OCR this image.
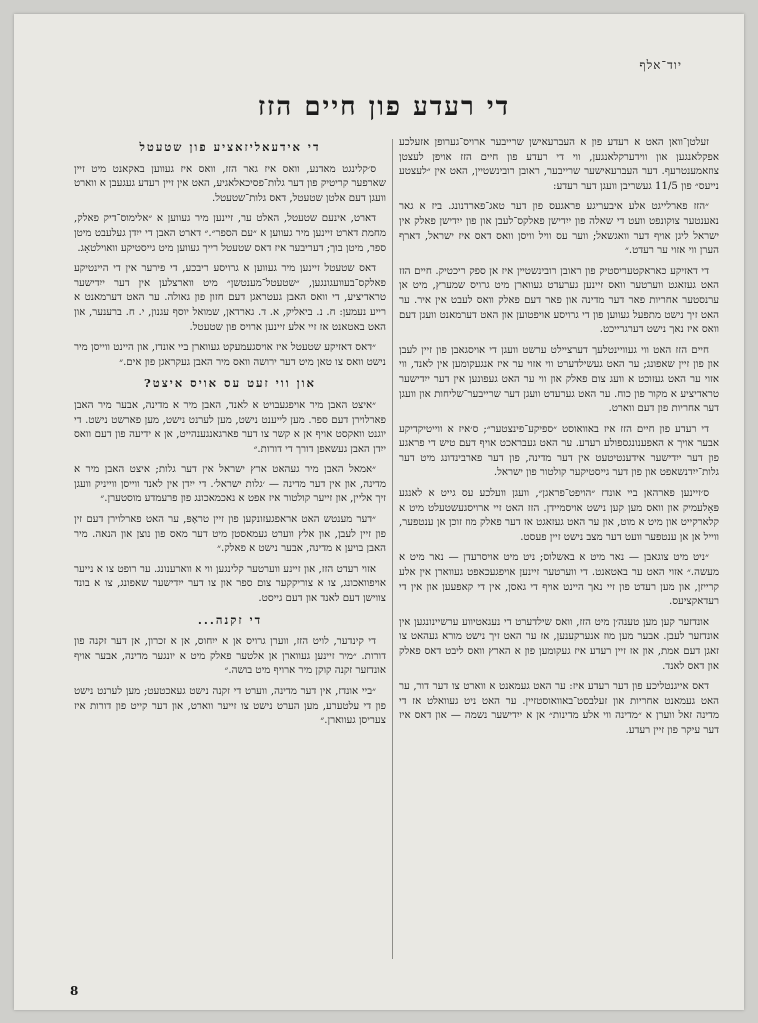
יוד־אלף
די רעדע פון חיים הזז

זעלטן־וואן האט א רעדע פון א העברעאישן שרייבער ארויס־גערופן אזעלכע אפקלאנגען און ווידערקלאנגען, ווי די רעדע פון חיים הזז אויפן לעצטן צוזאמענטרעף. דער העברעאישער שרייבער, ראובן רובינשטיין, האט אין ״לעצטע נייעס״ פון 11/5 געשריבן וועגן דער רעדע:

״הזז פארלייגט אלע איבעריגע פראגעס פון דער טאג־פארדנונג. ביז א גאר נאענטער צוקונפט וועט די שאלה פון ייִדישן פאלקס־לעבן און פון ייִדישן פאלק אין ישראל ליגן אויף דער וואגשאל; ווער עס וויל וויסן וואס דאס איז ישראל, דארף הערן ווי אזוי ער רעדט.״

די דאזיקע כאראקטעריסטיק פון ראובן רובינשטיין איז אן ספק ריכטיק. חיים הזז האט געזאגט ווערטער וואס זיינען גערעדט געווארן מיט גרויס שמערץ, מיט אן ערנסטער אחריות פאר דער מדינה און פאר דעם פאלק וואס לעבט אין איר. ער האט זיך נישט מתפעל געווען פון די גרויסע אויפטוען און האט דערמאנט וועגן דעם וואס איז נאך נישט דערגרייכט.

חיים הזז האט ווי געוויינטלעך דערציילט ערשט וועגן די אויסגאבן פון זיין לעבן און פון זיין שאפונג; ער האט געשילדערט ווי אזוי ער איז אנגעקומען אין לאנד, ווי אזוי ער האט געזוכט א וועג צום פאלק און ווי ער האט געפונען אין דער ייִדישער טראדיציע א מקור פון כוח. ער האט גערעדט וועגן דער שרייבער־שליחות און וועגן דער אחריות פון דעם ווארט.

די רעדע פון חיים הזז איז באוואוסט ״ספיקע־פינצטער״; ס׳איז א ווייטיקדיקע אבער אויך א האפענונגספולע רעדע. ער האט געבראכט אויף דעם טיש די פראגע פון דער ייִדישער אידענטיטעט אין דער מדינה, פון דער פארבינדונג מיט דער גלות־ייִדנשאפט און פון דער גייסטיקער קולטור פון ישראל.

ס׳זיינען פארהאן ביי אונדז ״הויפט־פראגן״, וועגן וועלכע עס גייט א לאנגע פּאָלעמיק און וואס מען קען נישט אויסמיידן. הזז האט זיי ארויסגעשטעלט מיט א קלארקייט און מיט א מוט, און ער האט געזאגט אז דער פאלק מוז זוכן אן ענטפער, ווייל אן אן ענטפער וועט דער מצב נישט זיין פעסט.

״ניט מיט צוגאבן — נאר מיט א באשלוס; ניט מיט אויסרעדן — נאר מיט א מעשה.״ אזוי האט ער באטאנט. די ווערטער זיינען אויפגעכאפט געווארן אין אלע קרייזן, און מען רעדט פון זיי נאך היינט אויף די גאסן, אין די קאפעען און אין די רעדאקציעס.

אונדזער קען מען טענה׳ן מיט הזז, וואס שילדערט די נעגאטיווע ערשיינונגען אין אונדזער לעבן. אבער מען מוז אנערקענען, אז ער האט זיך נישט מורא געהאט צו זאגן דעם אמת, און אז זיין רעדע איז געקומען פון א הארץ וואס ליבט דאס פאלק און דאס לאנד.

דאס אייגנטליכע פון דער רעדע איז: ער האט געמאנט א ווארט צו דער דור, ער האט געמאנט אחריות און זעלבסט־באוואוסטזיין. ער האט ניט געוואלט אז די מדינה זאל ווערן א ״מדינה ווי אלע מדינות״ אן א ייִדישער נשמה — און דאס איז דער עיקר פון זיין רעדע.

די אידעאליזאציע פון שטעטל

ס׳קלינגט מאדנע, וואס איז גאר הזז, וואס איז געווען באקאנט מיט זיין שארפער קריטיק פון דער גלות־פסיכאלאגיע, האט אין זיין רעדע געגעבן א ווארט וועגן דעם אלטן שטעטל, דאס גלות־שטעטל.

דארט, אינעם שטעטל, האלט ער, זיינען מיר געווען א ״אלימוס־דיק פאלק, מחמת דארט זיינען מיר געווען א ״עם הספר״.״ דארט האבן די ייִדן געלעבט מיטן ספר, מיטן בוך; דעריבער איז דאס שטעטל רייך געווען מיט גייסטיקע וואוילטאָג.

דאס שטעטל זיינען מיר געווען א גרויסע ריבכע, די פירער אין די היינטיקע פאלקס־בעוועגונגען, ״שטעטל־מענטשן״ מיט ווארצלען אין דער ייִדישער טראדיציע, די וואס האבן געטראגן דעם חזון פון גאולה. ער האט דערמאנט א רייע נעמען: ח. נ. ביאליק, א. ד. גארדאן, שמואל יוסף עגנון, י. ח. ברענער, און האט באטאנט אז זיי אלע זיינען ארויס פון שטעטל.

״דאס דאזיקע שטעטל איז אויסגעמעקט געווארן ביי אונדז, און היינט ווייסן מיר נישט וואס צו טאן מיט דער ירושה וואס מיר האבן געקראגן פון אים.״

און ווי זעט עס אויס איצט?

״איצט האבן מיר אויפגעבויט א לאנד, האבן מיר א מדינה, אבער מיר האבן פארלוירן דעם ספר. מען לייענט נישט, מען לערנט נישט, מען פארשט נישט. די יוגנט וואקסט אויף אן א קשר צו דער פארגאנגענהייט, אן א ידיעה פון דעם וואס ייִדן האבן געשאפן דורך די דורות.״

״אמאל האבן מיר געהאט ארץ ישראל אין דער גלות; איצט האבן מיר א מדינה, און אין דער מדינה — ׳גלות ישראל׳. די ייִדן אין לאנד ווייסן ווייניק וועגן זיך אליין, און זייער קולטור איז אפט א נאכמאכונג פון פרעמדע מוסטערן.״

״דער מענטש האט אראפגעזונקען פון זיין טראָפּ, ער האט פארלוירן דעם זין פון זיין לעבן, און אלץ ווערט געמאסטן מיט דער מאס פון נוצן און הנאה. מיר האבן בויען א מדינה, אבער נישט א פאלק.״

אזוי רעדט הזז, און זיינע ווערטער קלינגען ווי א ווארענונג. ער רופט צו א נייער אויפוואכונג, צו א צוריקקער צום ספר און צו דער ייִדישער שאפונג, צו א בונד צווישן דעם לאנד און דעם גייסט.

די זקנה...

די קינדער, לויט הזז, ווערן גרויס אן א ייִחוס, אן א זכרון, אן דער זקנה פון דורות. ״מיר זיינען געווארן אן אלטער פאלק מיט א יונגער מדינה, אבער אויף אונדזער זקנה קוקן מיר ארויף מיט בושה.״

״ביי אונדז, אין דער מדינה, ווערט די זקנה נישט געאכטעט; מען לערנט נישט פון די עלטערע, מען הערט נישט צו זייער ווארט, און דער קייט פון דורות איז צעריסן געווארן.״

8
